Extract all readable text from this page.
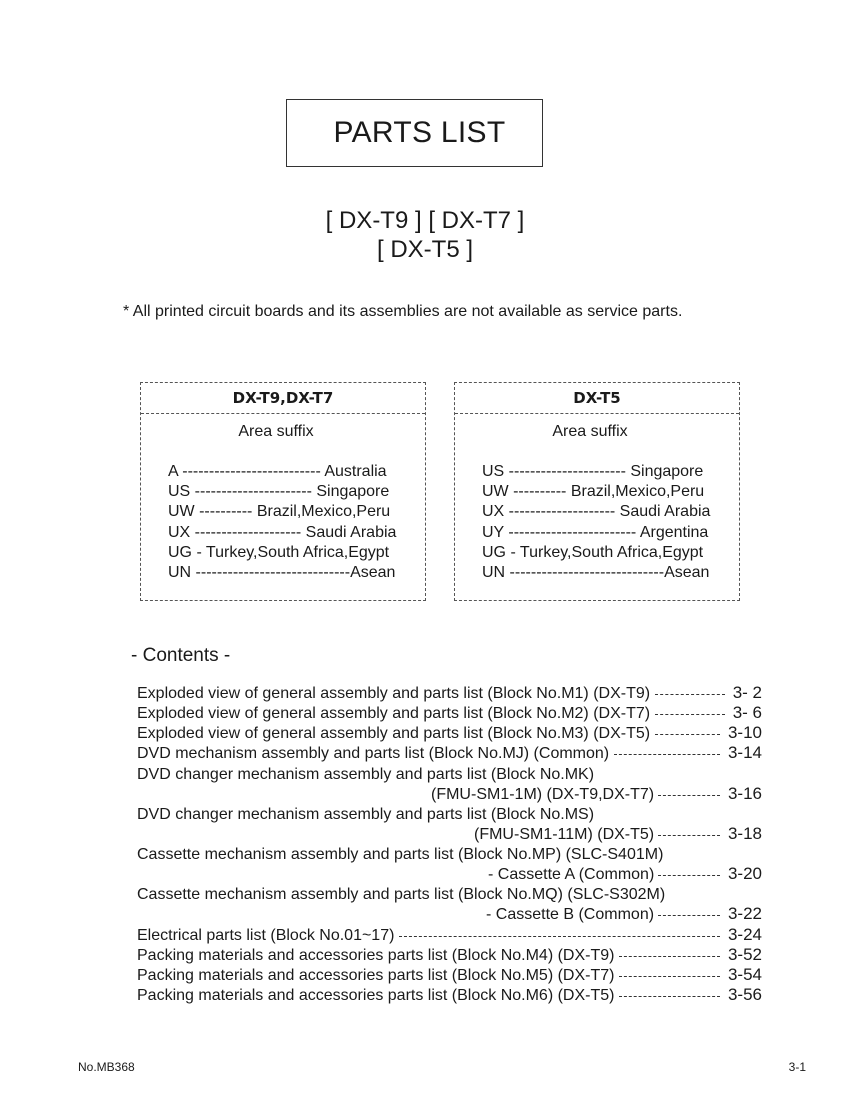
PARTS LIST
[ DX-T9 ] [ DX-T7 ]
[ DX-T5 ]
* All printed circuit boards and its assemblies are not available as service parts.
DX-T9,DX-T7
Area suffix
A -------------------------- Australia
US ---------------------- Singapore
UW ---------- Brazil,Mexico,Peru
UX -------------------- Saudi Arabia
UG - Turkey,South Africa,Egypt
UN -----------------------------Asean
DX-T5
Area suffix
US ---------------------- Singapore
UW ---------- Brazil,Mexico,Peru
UX -------------------- Saudi Arabia
UY ------------------------ Argentina
UG - Turkey,South Africa,Egypt
UN -----------------------------Asean
- Contents -
Exploded view of general assembly and parts list (Block No.M1) (DX-T9)	3- 2
Exploded view of general assembly and parts list (Block No.M2) (DX-T7)	3- 6
Exploded view of general assembly and parts list (Block No.M3) (DX-T5)	3-10
DVD mechanism assembly and parts list (Block No.MJ) (Common)	3-14
DVD changer mechanism assembly and parts list (Block No.MK)
(FMU-SM1-1M) (DX-T9,DX-T7)	3-16
DVD changer mechanism assembly and parts list (Block No.MS)
(FMU-SM1-11M) (DX-T5)	3-18
Cassette mechanism assembly and parts list (Block No.MP) (SLC-S401M)
- Cassette A (Common)	3-20
Cassette mechanism assembly and parts list (Block No.MQ) (SLC-S302M)
- Cassette B (Common)	3-22
Electrical parts list (Block No.01~17)	3-24
Packing materials and accessories parts list (Block No.M4) (DX-T9)	3-52
Packing materials and accessories parts list (Block No.M5) (DX-T7)	3-54
Packing materials and accessories parts list (Block No.M6) (DX-T5)	3-56
No.MB368	3-1
